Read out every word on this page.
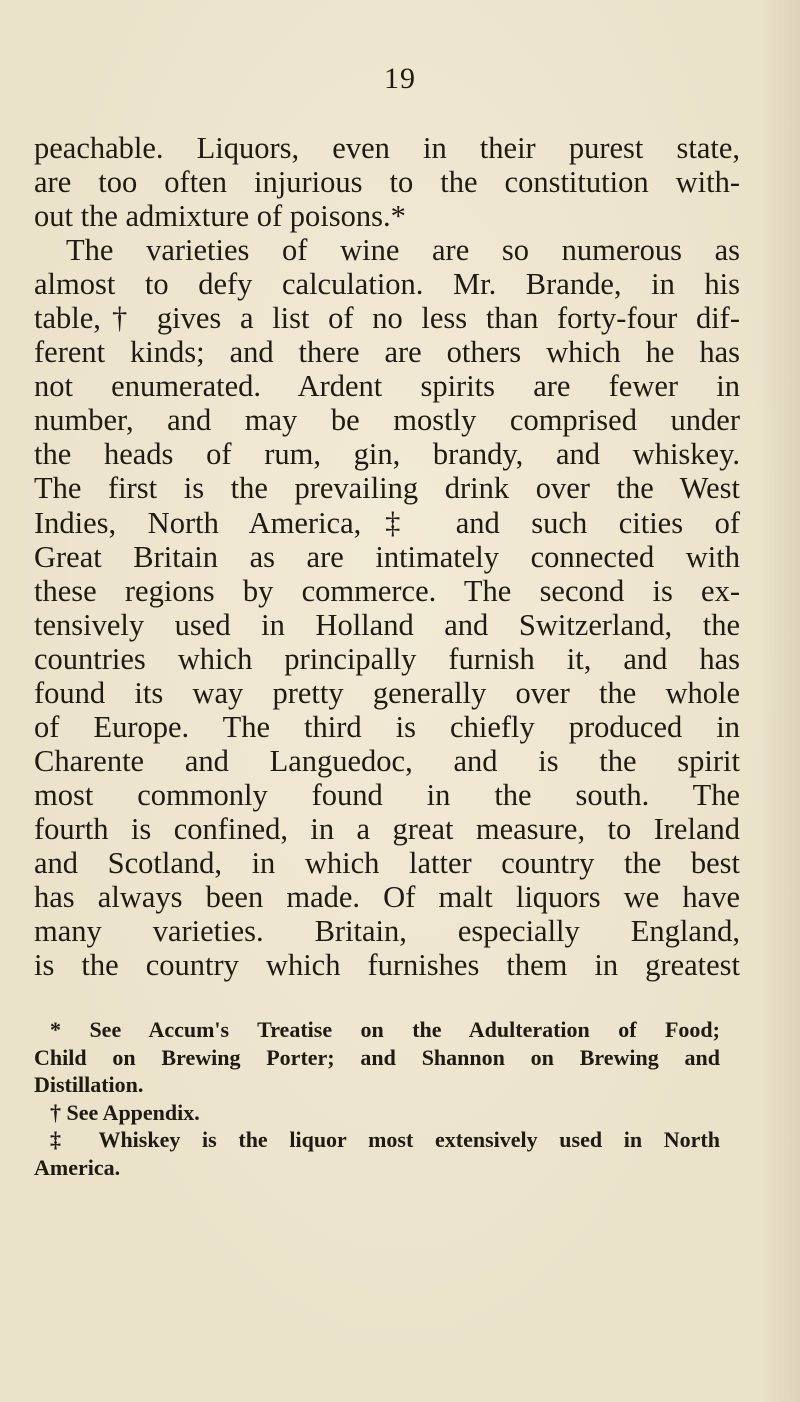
19
peachable. Liquors, even in their purest state,
are too often injurious to the constitution with-
out the admixture of poisons.*
The varieties of wine are so numerous as
almost to defy calculation. Mr. Brande, in his
table,† gives a list of no less than forty-four dif-
ferent kinds; and there are others which he has
not enumerated. Ardent spirits are fewer in
number, and may be mostly comprised under
the heads of rum, gin, brandy, and whiskey.
The first is the prevailing drink over the West
Indies, North America,‡ and such cities of
Great Britain as are intimately connected with
these regions by commerce. The second is ex-
tensively used in Holland and Switzerland, the
countries which principally furnish it, and has
found its way pretty generally over the whole
of Europe. The third is chiefly produced in
Charente and Languedoc, and is the spirit
most commonly found in the south. The
fourth is confined, in a great measure, to Ireland
and Scotland, in which latter country the best
has always been made. Of malt liquors we have
many varieties. Britain, especially England,
is the country which furnishes them in greatest
* See Accum's Treatise on the Adulteration of Food;
Child on Brewing Porter; and Shannon on Brewing and
Distillation.
† See Appendix.
‡ Whiskey is the liquor most extensively used in North
America.
